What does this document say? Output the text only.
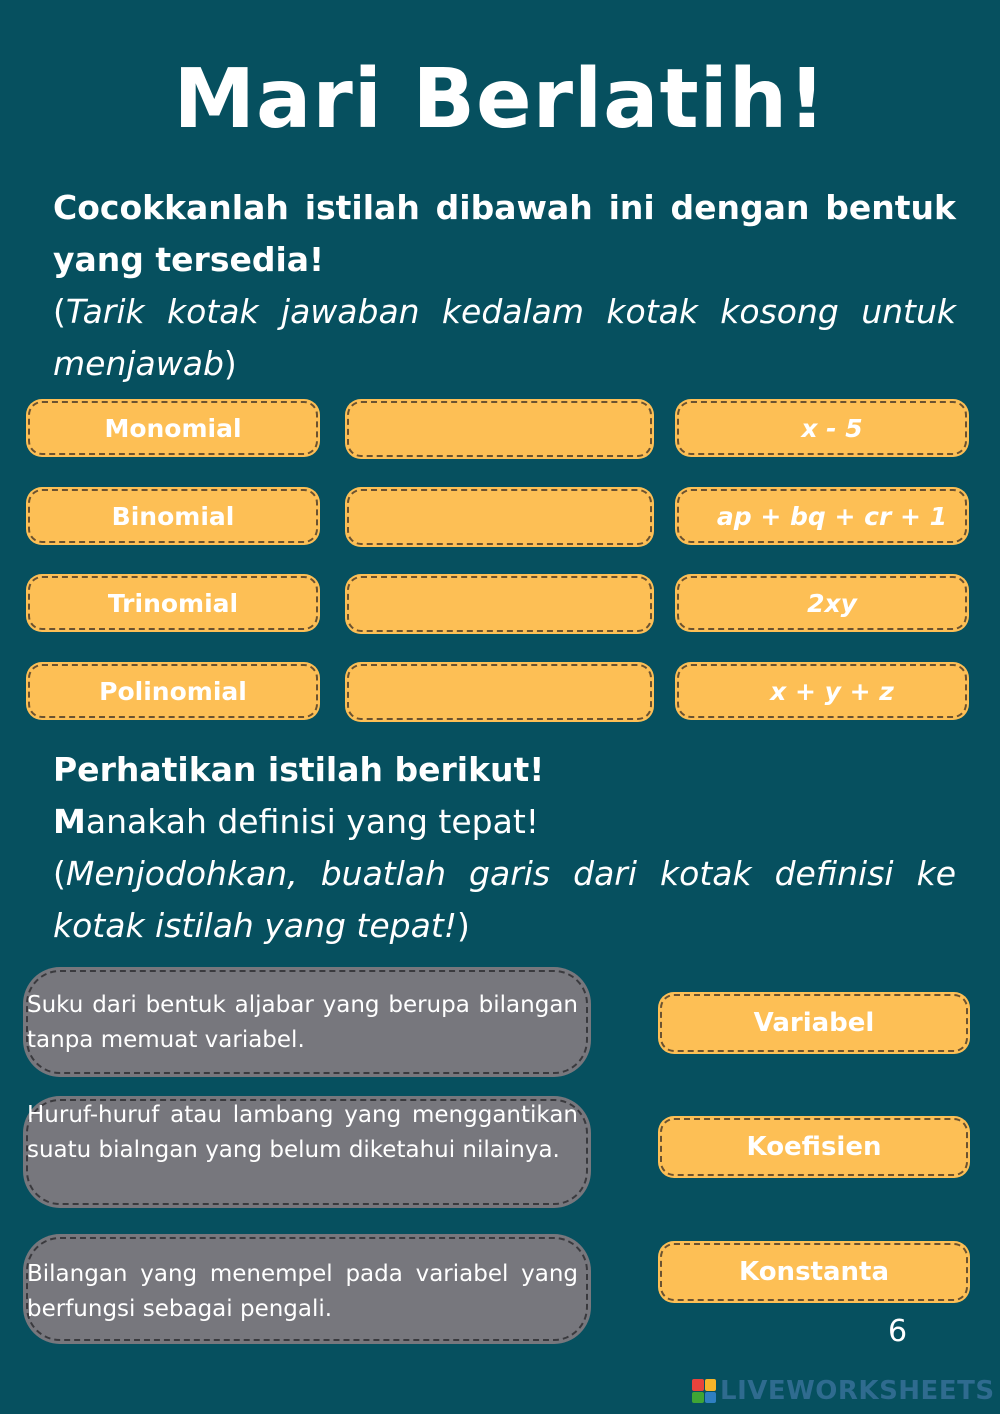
Mari Berlatih!
Cocokkanlah istilah dibawah ini dengan bentuk yang tersedia!
(Tarik kotak jawaban kedalam kotak kosong untuk menjawab)
Monomial	x - 5
Binomial	ap + bq + cr + 1
Trinomial	2xy
Polinomial	x + y + z
Perhatikan istilah berikut!
Manakah definisi yang tepat!
(Menjodohkan, buatlah garis dari kotak definisi ke kotak istilah yang tepat!)
Suku dari bentuk aljabar yang berupa bilangan tanpa memuat variabel.
Huruf-huruf atau lambang yang menggantikan suatu bialngan yang belum diketahui nilainya.
Bilangan yang menempel pada variabel yang berfungsi sebagai pengali.
Variabel
Koefisien
Konstanta
6
LIVEWORKSHEETS
